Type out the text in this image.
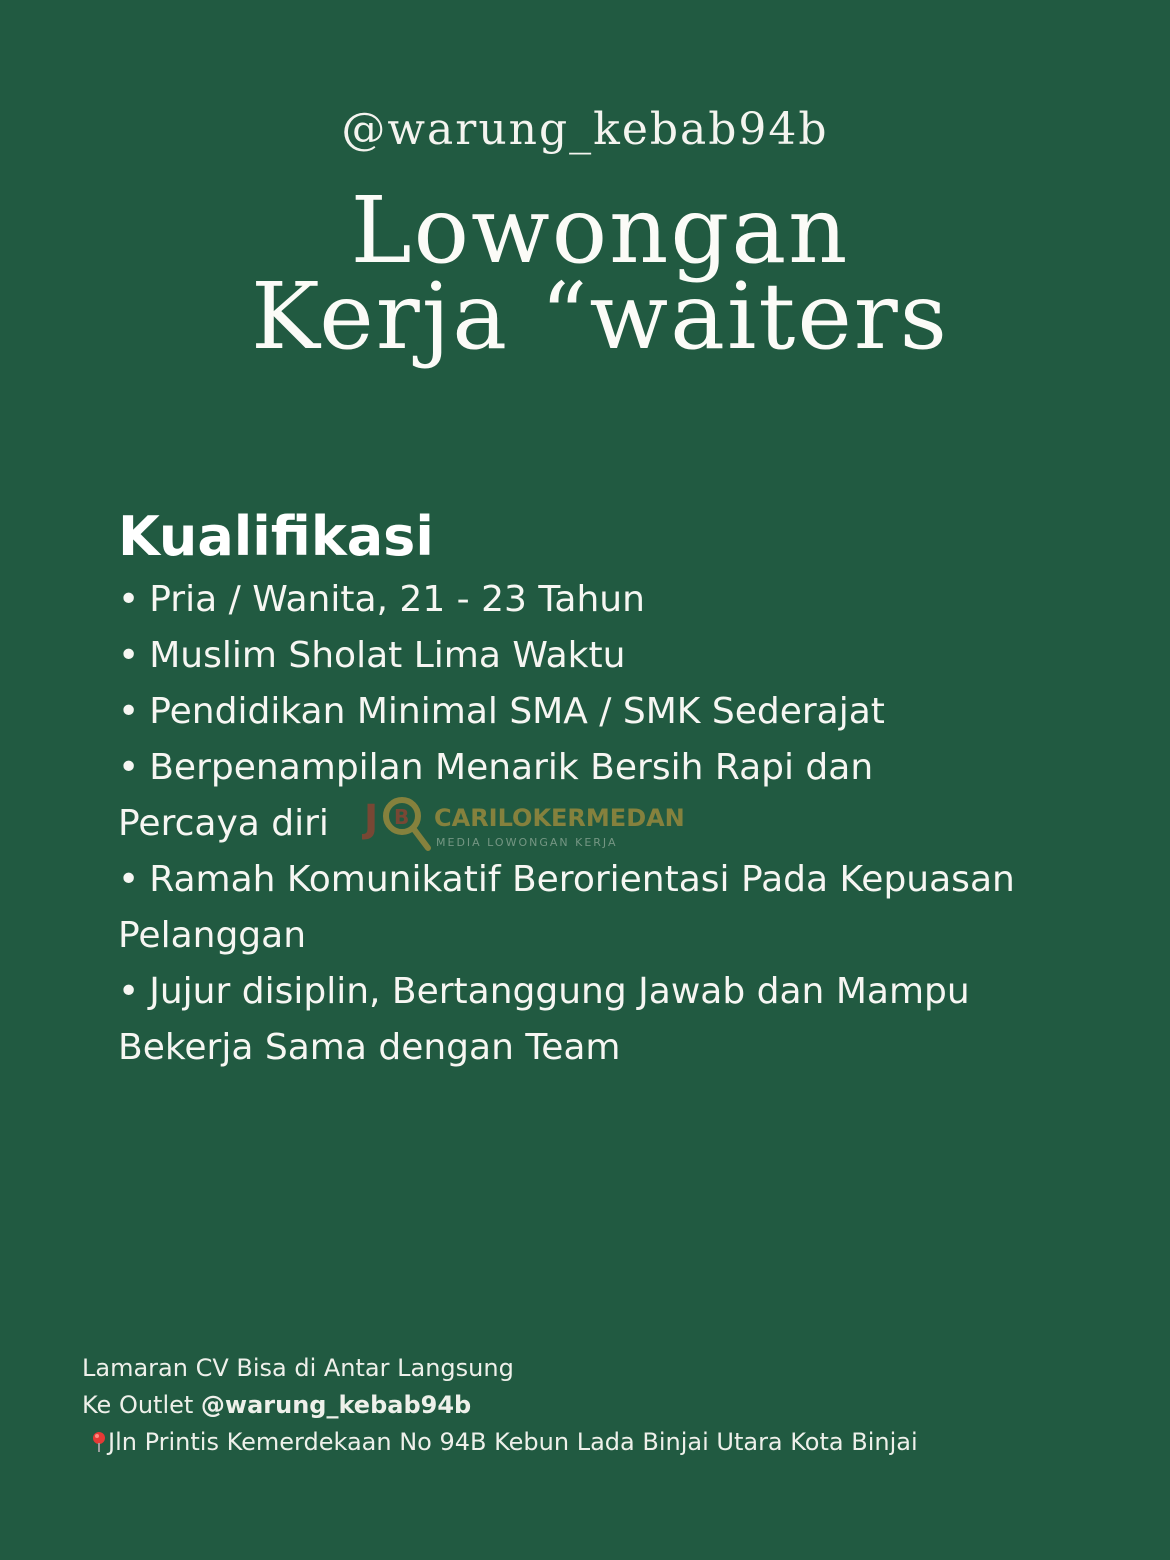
@warung_kebab94b
Lowongan
Kerja “waiters
Kualifikasi
• Pria / Wanita, 21 - 23 Tahun
• Muslim Sholat Lima Waktu
• Pendidikan Minimal SMA / SMK Sederajat
• Berpenampilan Menarik Bersih Rapi dan
Percaya diri
• Ramah Komunikatif Berorientasi Pada Kepuasan
Pelanggan
• Jujur disiplin, Bertanggung Jawab dan Mampu
Bekerja Sama dengan Team
J B CARILOKERMEDAN
MEDIA LOWONGAN KERJA
Lamaran CV Bisa di Antar Langsung
Ke Outlet @warung_kebab94b
Jln Printis Kemerdekaan No 94B Kebun Lada Binjai Utara Kota Binjai
